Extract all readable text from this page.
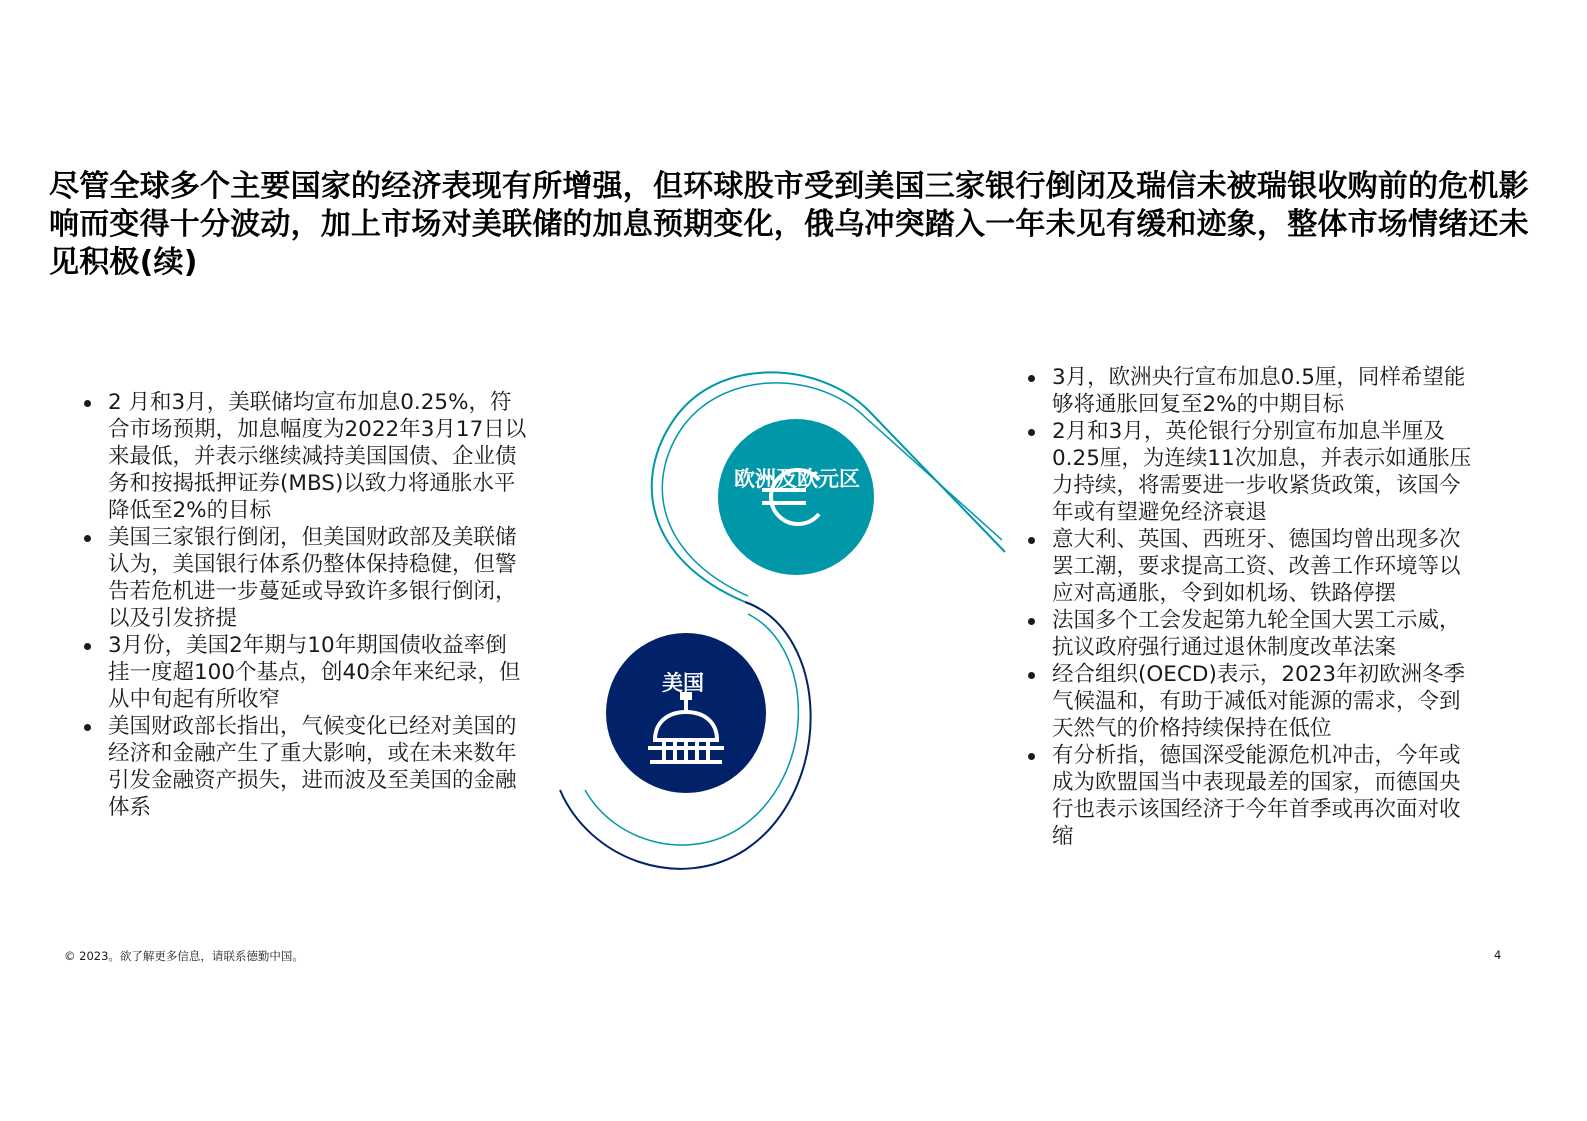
尽管全球多个主要国家的经济表现有所增强，但环球股市受到美国三家银行倒闭及瑞信未被瑞银收购前的危机影响而变得十分波动，加上市场对美联储的加息预期变化，俄乌冲突踏入一年未见有缓和迹象，整体市场情绪还未见积极(续)
2 月和3月，美联储均宣布加息0.25%，符合市场预期，加息幅度为2022年3月17日以来最低，并表示继续减持美国国债、企业债务和按揭抵押证券(MBS)以致力将通胀水平降低至2%的目标
美国三家银行倒闭，但美国财政部及美联储认为，美国银行体系仍整体保持稳健，但警告若危机进一步蔓延或导致许多银行倒闭，以及引发挤提
3月份，美国2年期与10年期国债收益率倒挂一度超100个基点，创40余年来纪录，但从中旬起有所收窄
美国财政部长指出，气候变化已经对美国的经济和金融产生了重大影响，或在未来数年引发金融资产损失，进而波及至美国的金融体系
欧洲及欧元区
美国
3月，欧洲央行宣布加息0.5厘，同样希望能够将通胀回复至2%的中期目标
2月和3月，英伦银行分别宣布加息半厘及0.25厘，为连续11次加息，并表示如通胀压力持续，将需要进一步收紧货政策，该国今年或有望避免经济衰退
意大利、英国、西班牙、德国均曾出现多次罢工潮，要求提高工资、改善工作环境等以应对高通胀，令到如机场、铁路停摆
法国多个工会发起第九轮全国大罢工示威，抗议政府强行通过退休制度改革法案
经合组织(OECD)表示，2023年初欧洲冬季气候温和，有助于减低对能源的需求，令到天然气的价格持续保持在低位
有分析指，德国深受能源危机冲击，今年或成为欧盟国当中表现最差的国家，而德国央行也表示该国经济于今年首季或再次面对收缩
© 2023。欲了解更多信息，请联系德勤中国。	4
